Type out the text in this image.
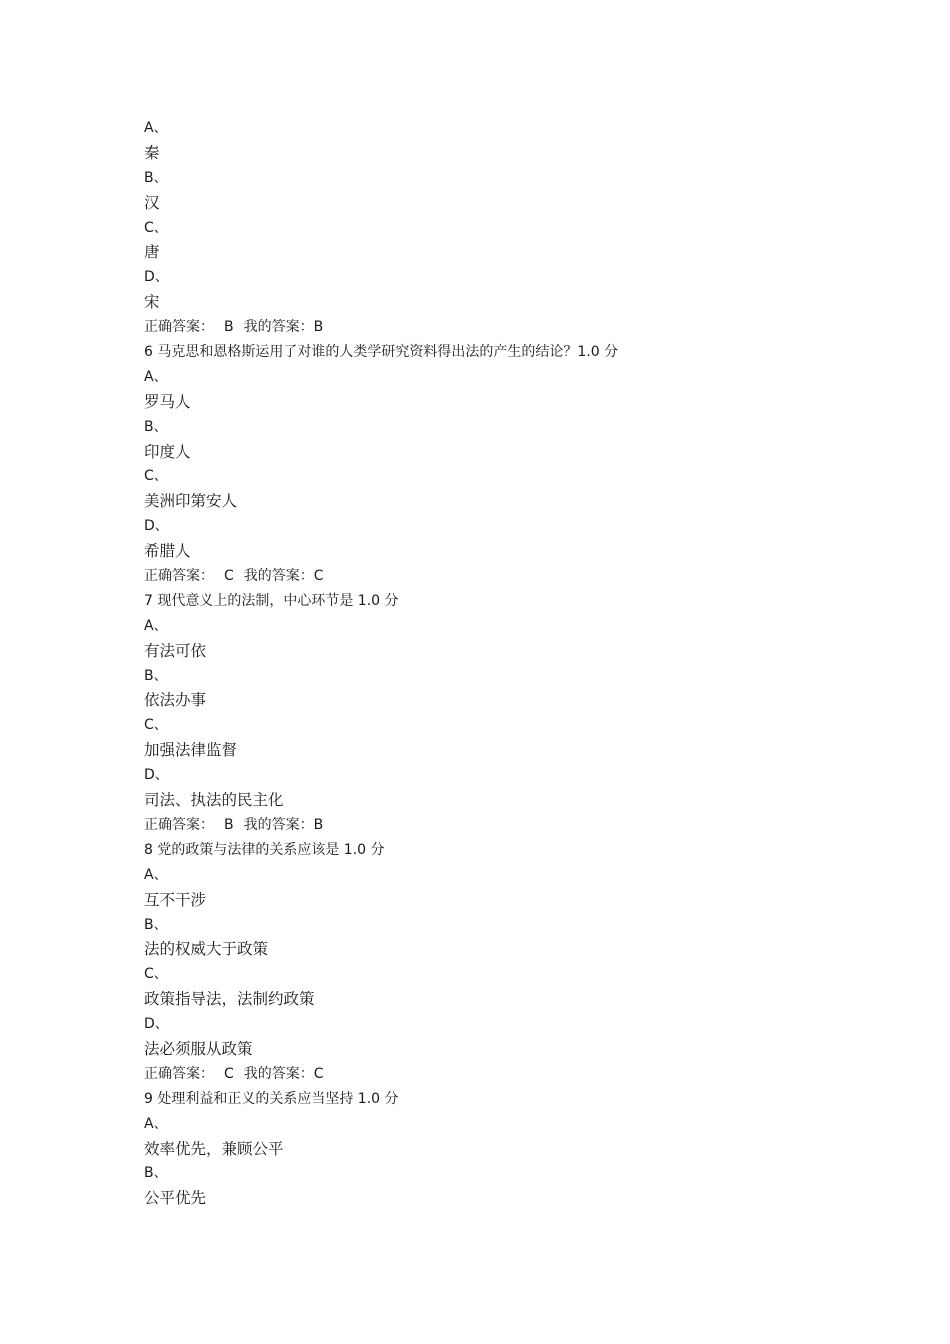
A、
秦
B、
汉
C、
唐
D、
宋
正确答案： B 我的答案：B
6 马克思和恩格斯运用了对谁的人类学研究资料得出法的产生的结论？1.0 分
A、
罗马人
B、
印度人
C、
美洲印第安人
D、
希腊人
正确答案： C 我的答案：C
7 现代意义上的法制，中心环节是 1.0 分
A、
有法可依
B、
依法办事
C、
加强法律监督
D、
司法、执法的民主化
正确答案： B 我的答案：B
8 党的政策与法律的关系应该是 1.0 分
A、
互不干涉
B、
法的权威大于政策
C、
政策指导法，法制约政策
D、
法必须服从政策
正确答案： C 我的答案：C
9 处理利益和正义的关系应当坚持 1.0 分
A、
效率优先，兼顾公平
B、
公平优先
